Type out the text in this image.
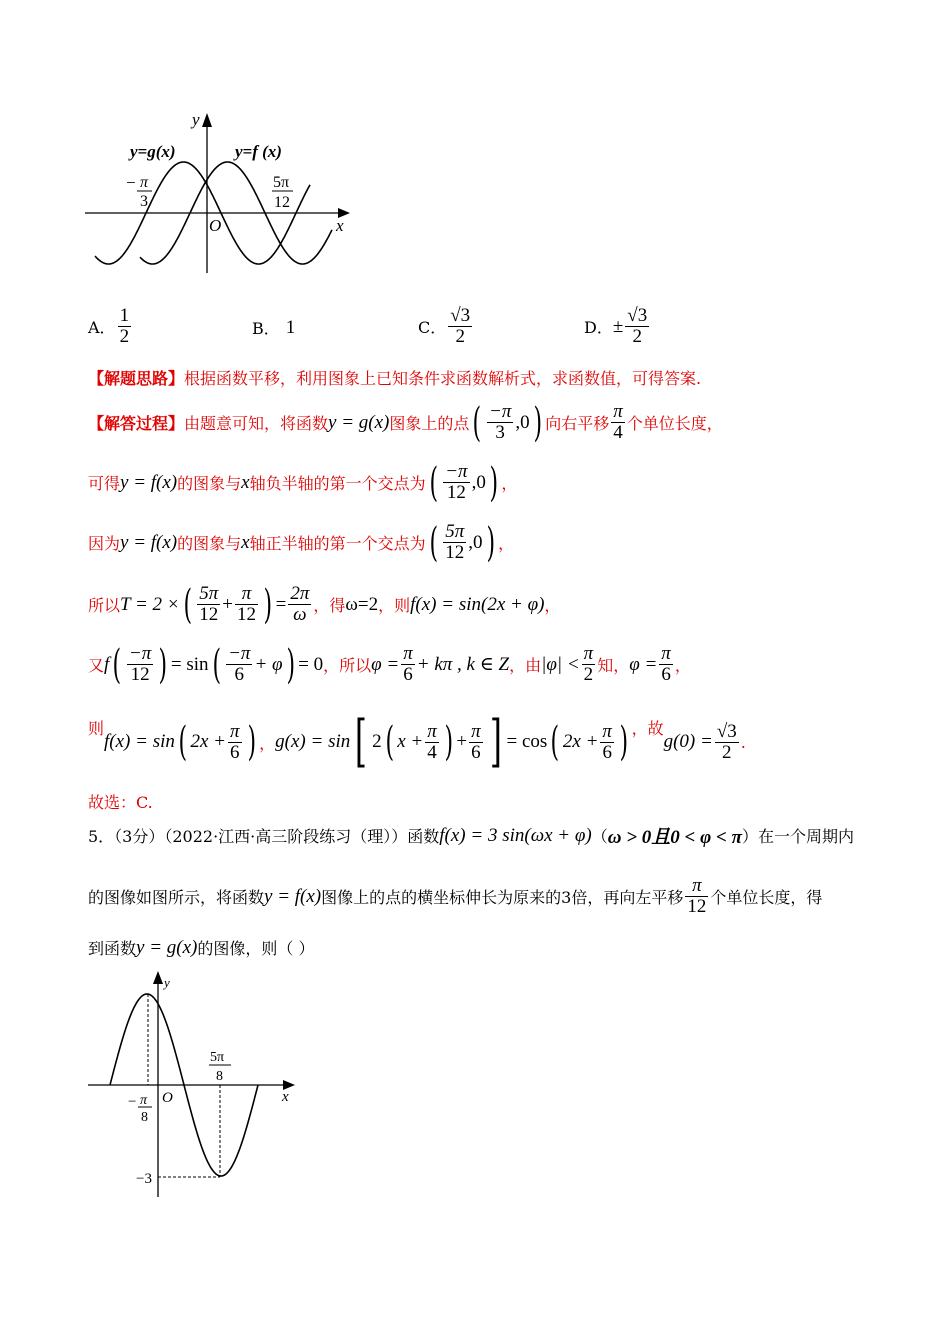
y
x
O
y=g(x)	y=f (x)
− π
3
5π
12
A． $\frac{1}{2}$	B． 1	C． $\frac{√3}{2}$	D． ± $\frac{√3}{2}$
【解题思路】 根据函数平移，利用图象上已知条件求函数解析式，求函数值，可得答案.
【解答过程】 由题意可知，将函数 y = g(x) 图象上的点 ( $\frac{-\pi}{3} ,0$ ) 向右平移 $\frac{\pi}{4}$ 个单位长度，
可得 y = f(x) 的图象与 x 轴负半轴的第一个交点为 ( $\frac{-\pi}{12} ,0$ ) ，
因为 y = f(x) 的图象与 x 轴正半轴的第一个交点为 ( $\frac{5\pi}{12} ,0$ ) ，
所以 T = 2 × ( $\frac{5\pi}{12} + \frac{\pi}{12}$ ) = $\frac{2\pi}{\omega}$ ，得 ω=2 ，则 f(x) = sin(2x + φ) ，
又 f ( $\frac{-\pi}{12}$ ) = sin ( $\frac{-\pi}{6} + \varphi$ ) = 0 ，所以 $\varphi = \frac{\pi}{6} + k\pi$ , k ∈ Z ，由 $|\varphi| < \frac{\pi}{2}$ 知， $\varphi = \frac{\pi}{6}$ ，
则
f(x) = sin ( $2x + \frac{\pi}{6}$ ) ， g(x) = sin [ 2 ( $x + \frac{\pi}{4}$ ) + $\frac{\pi}{6}$ ] = cos ( $2x + \frac{\pi}{6}$ ) ，故
$g(0) = \frac{√3}{2}$ .
故选：C.
5．（3分）（2022·江西·高三阶段练习（理））函数 f(x) = 3 sin(ωx + φ) （ ω > 0且0 < φ < π ）在一个周期内
的图像如图所示，将函数 y = f(x) 图像上的点的横坐标伸长为原来的3倍，再向左平移 $\frac{\pi}{12}$ 个单位长度，得
到函数 y = g(x) 的图像，则（ ）
y
x
O
− π
8
5π
8
−3
